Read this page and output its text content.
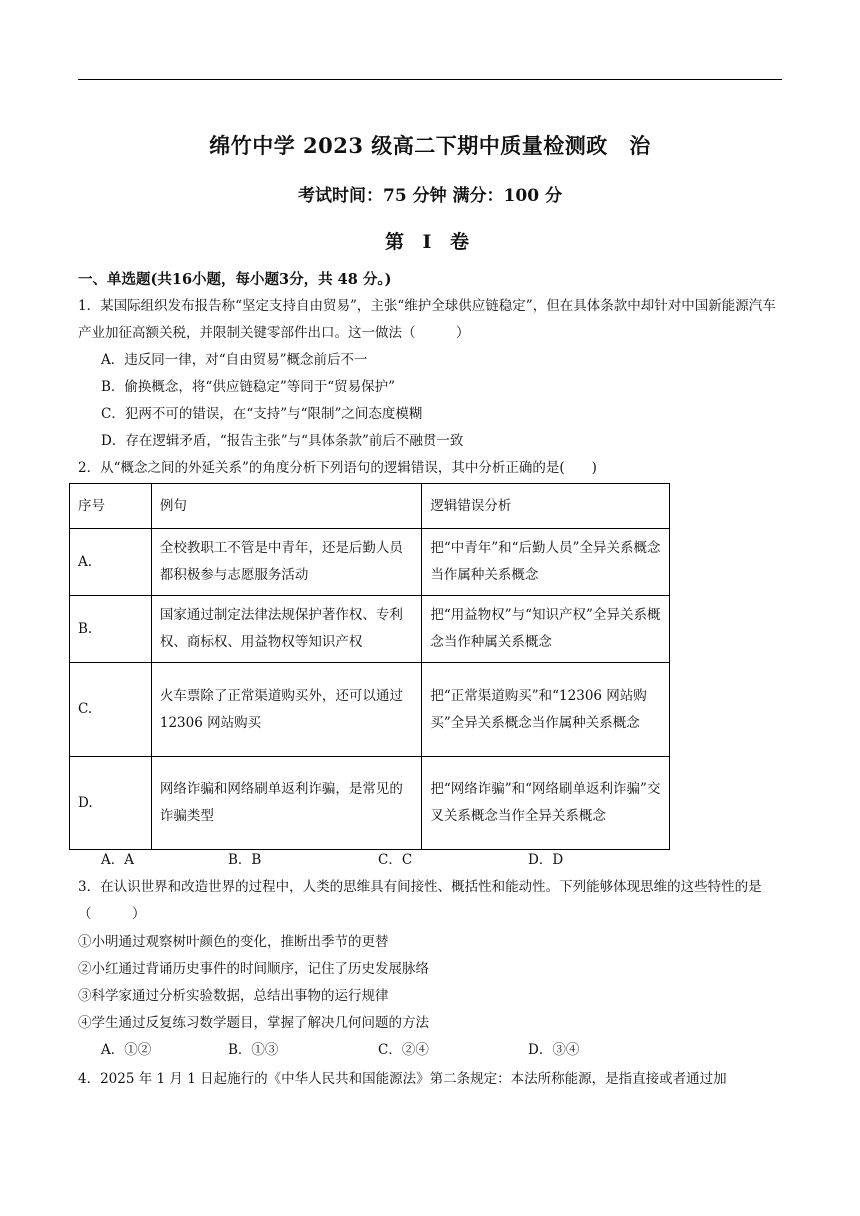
绵竹中学 2023 级高二下期中质量检测政　治
考试时间：75 分钟 满分：100 分
第 I 卷
一、单选题(共16小题，每小题3分，共 48 分。)
1．某国际组织发布报告称“坚定支持自由贸易”，主张“维护全球供应链稳定”，但在具体条款中却针对中国新能源汽车产业加征高额关税，并限制关键零部件出口。这一做法（　　　）
A．违反同一律，对“自由贸易”概念前后不一
B．偷换概念，将“供应链稳定”等同于“贸易保护”
C．犯两不可的错误，在“支持”与“限制”之间态度模糊
D．存在逻辑矛盾，“报告主张”与“具体条款”前后不融贯一致
2．从“概念之间的外延关系”的角度分析下列语句的逻辑错误，其中分析正确的是(　　)
序号	例句	逻辑错误分析
A.	全校教职工不管是中青年，还是后勤人员都积极参与志愿服务活动	把“中青年”和“后勤人员”全异关系概念当作属种关系概念
B.	国家通过制定法律法规保护著作权、专利权、商标权、用益物权等知识产权	把“用益物权”与“知识产权”全异关系概念当作种属关系概念
C.	火车票除了正常渠道购买外，还可以通过 12306 网站购买	把“正常渠道购买”和“12306 网站购买”全异关系概念当作属种关系概念
D.	网络诈骗和网络刷单返利诈骗，是常见的诈骗类型	把“网络诈骗”和“网络刷单返利诈骗”交叉关系概念当作全异关系概念
A．A	B．B	C．C	D．D
3．在认识世界和改造世界的过程中，人类的思维具有间接性、概括性和能动性。下列能够体现思维的这些特性的是（　　　）
①小明通过观察树叶颜色的变化，推断出季节的更替
②小红通过背诵历史事件的时间顺序，记住了历史发展脉络
③科学家通过分析实验数据，总结出事物的运行规律
④学生通过反复练习数学题目，掌握了解决几何问题的方法
A．①②	B．①③	C．②④	D．③④
4．2025 年 1 月 1 日起施行的《中华人民共和国能源法》第二条规定：本法所称能源，是指直接或者通过加
